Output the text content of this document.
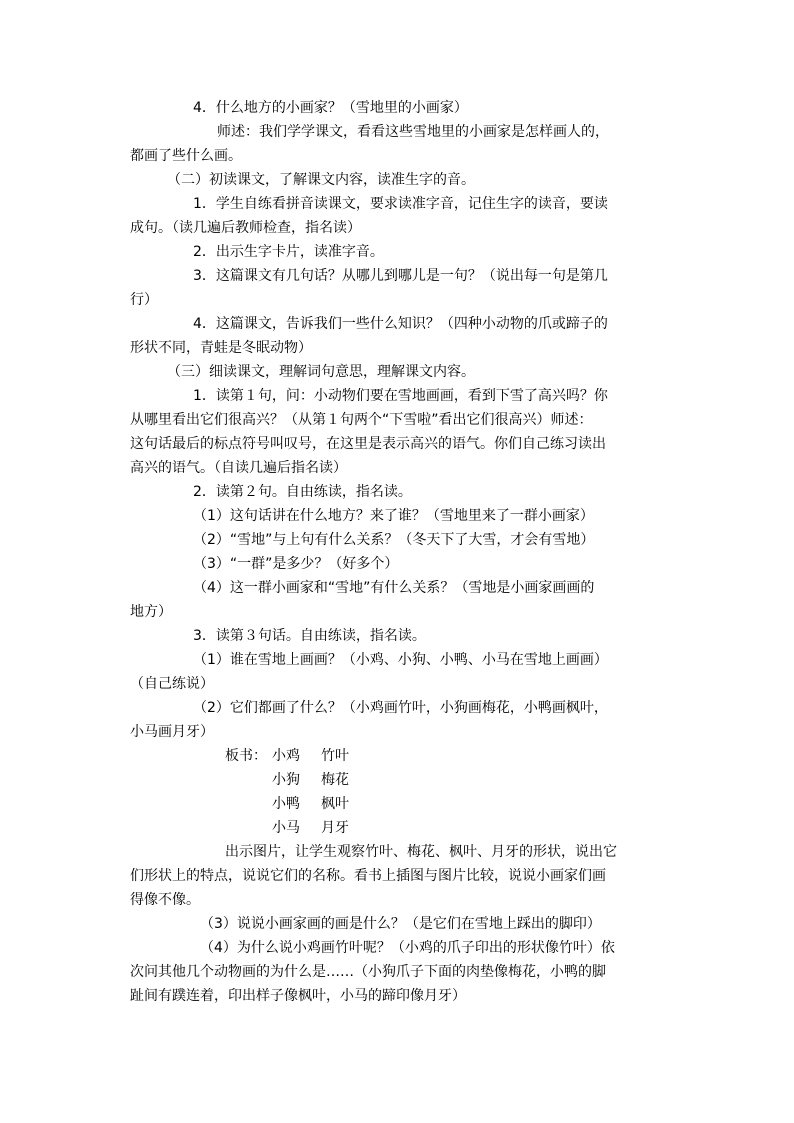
4．什么地方的小画家？（雪地里的小画家）

师述：我们学学课文，看看这些雪地里的小画家是怎样画人的，

都画了些什么画。

（二）初读课文，了解课文内容，读准生字的音。

1．学生自练看拼音读课文，要求读准字音，记住生字的读音，要读

成句。（读几遍后教师检查，指名读）

2．出示生字卡片，读准字音。

3．这篇课文有几句话？从哪儿到哪儿是一句？（说出每一句是第几

行）

4．这篇课文，告诉我们一些什么知识？（四种小动物的爪或蹄子的

形状不同，青蛙是冬眠动物）

（三）细读课文，理解词句意思，理解课文内容。

1．读第１句，问：小动物们要在雪地画画，看到下雪了高兴吗？你

从哪里看出它们很高兴？（从第１句两个“下雪啦”看出它们很高兴）师述：

这句话最后的标点符号叫叹号，在这里是表示高兴的语气。你们自己练习读出

高兴的语气。（自读几遍后指名读）

2．读第２句。自由练读，指名读。

（1）这句话讲在什么地方？来了谁？（雪地里来了一群小画家）

（2）“雪地”与上句有什么关系？（冬天下了大雪，才会有雪地）

（3）“一群”是多少？（好多个）

（4）这一群小画家和“雪地”有什么关系？（雪地是小画家画画的

地方）

3．读第３句话。自由练读，指名读。

（1）谁在雪地上画画？（小鸡、小狗、小鸭、小马在雪地上画画）

（自己练说）

（2）它们都画了什么？（小鸡画竹叶，小狗画梅花，小鸭画枫叶，

小马画月牙）

板书： 小鸡 竹叶
小狗 梅花
小鸭 枫叶
小马 月牙

出示图片，让学生观察竹叶、梅花、枫叶、月牙的形状，说出它

们形状上的特点，说说它们的名称。看书上插图与图片比较，说说小画家们画

得像不像。

（3）说说小画家画的画是什么？（是它们在雪地上踩出的脚印）

（4）为什么说小鸡画竹叶呢？（小鸡的爪子印出的形状像竹叶）依

次问其他几个动物画的为什么是……（小狗爪子下面的肉垫像梅花，小鸭的脚

趾间有蹼连着，印出样子像枫叶，小马的蹄印像月牙）
